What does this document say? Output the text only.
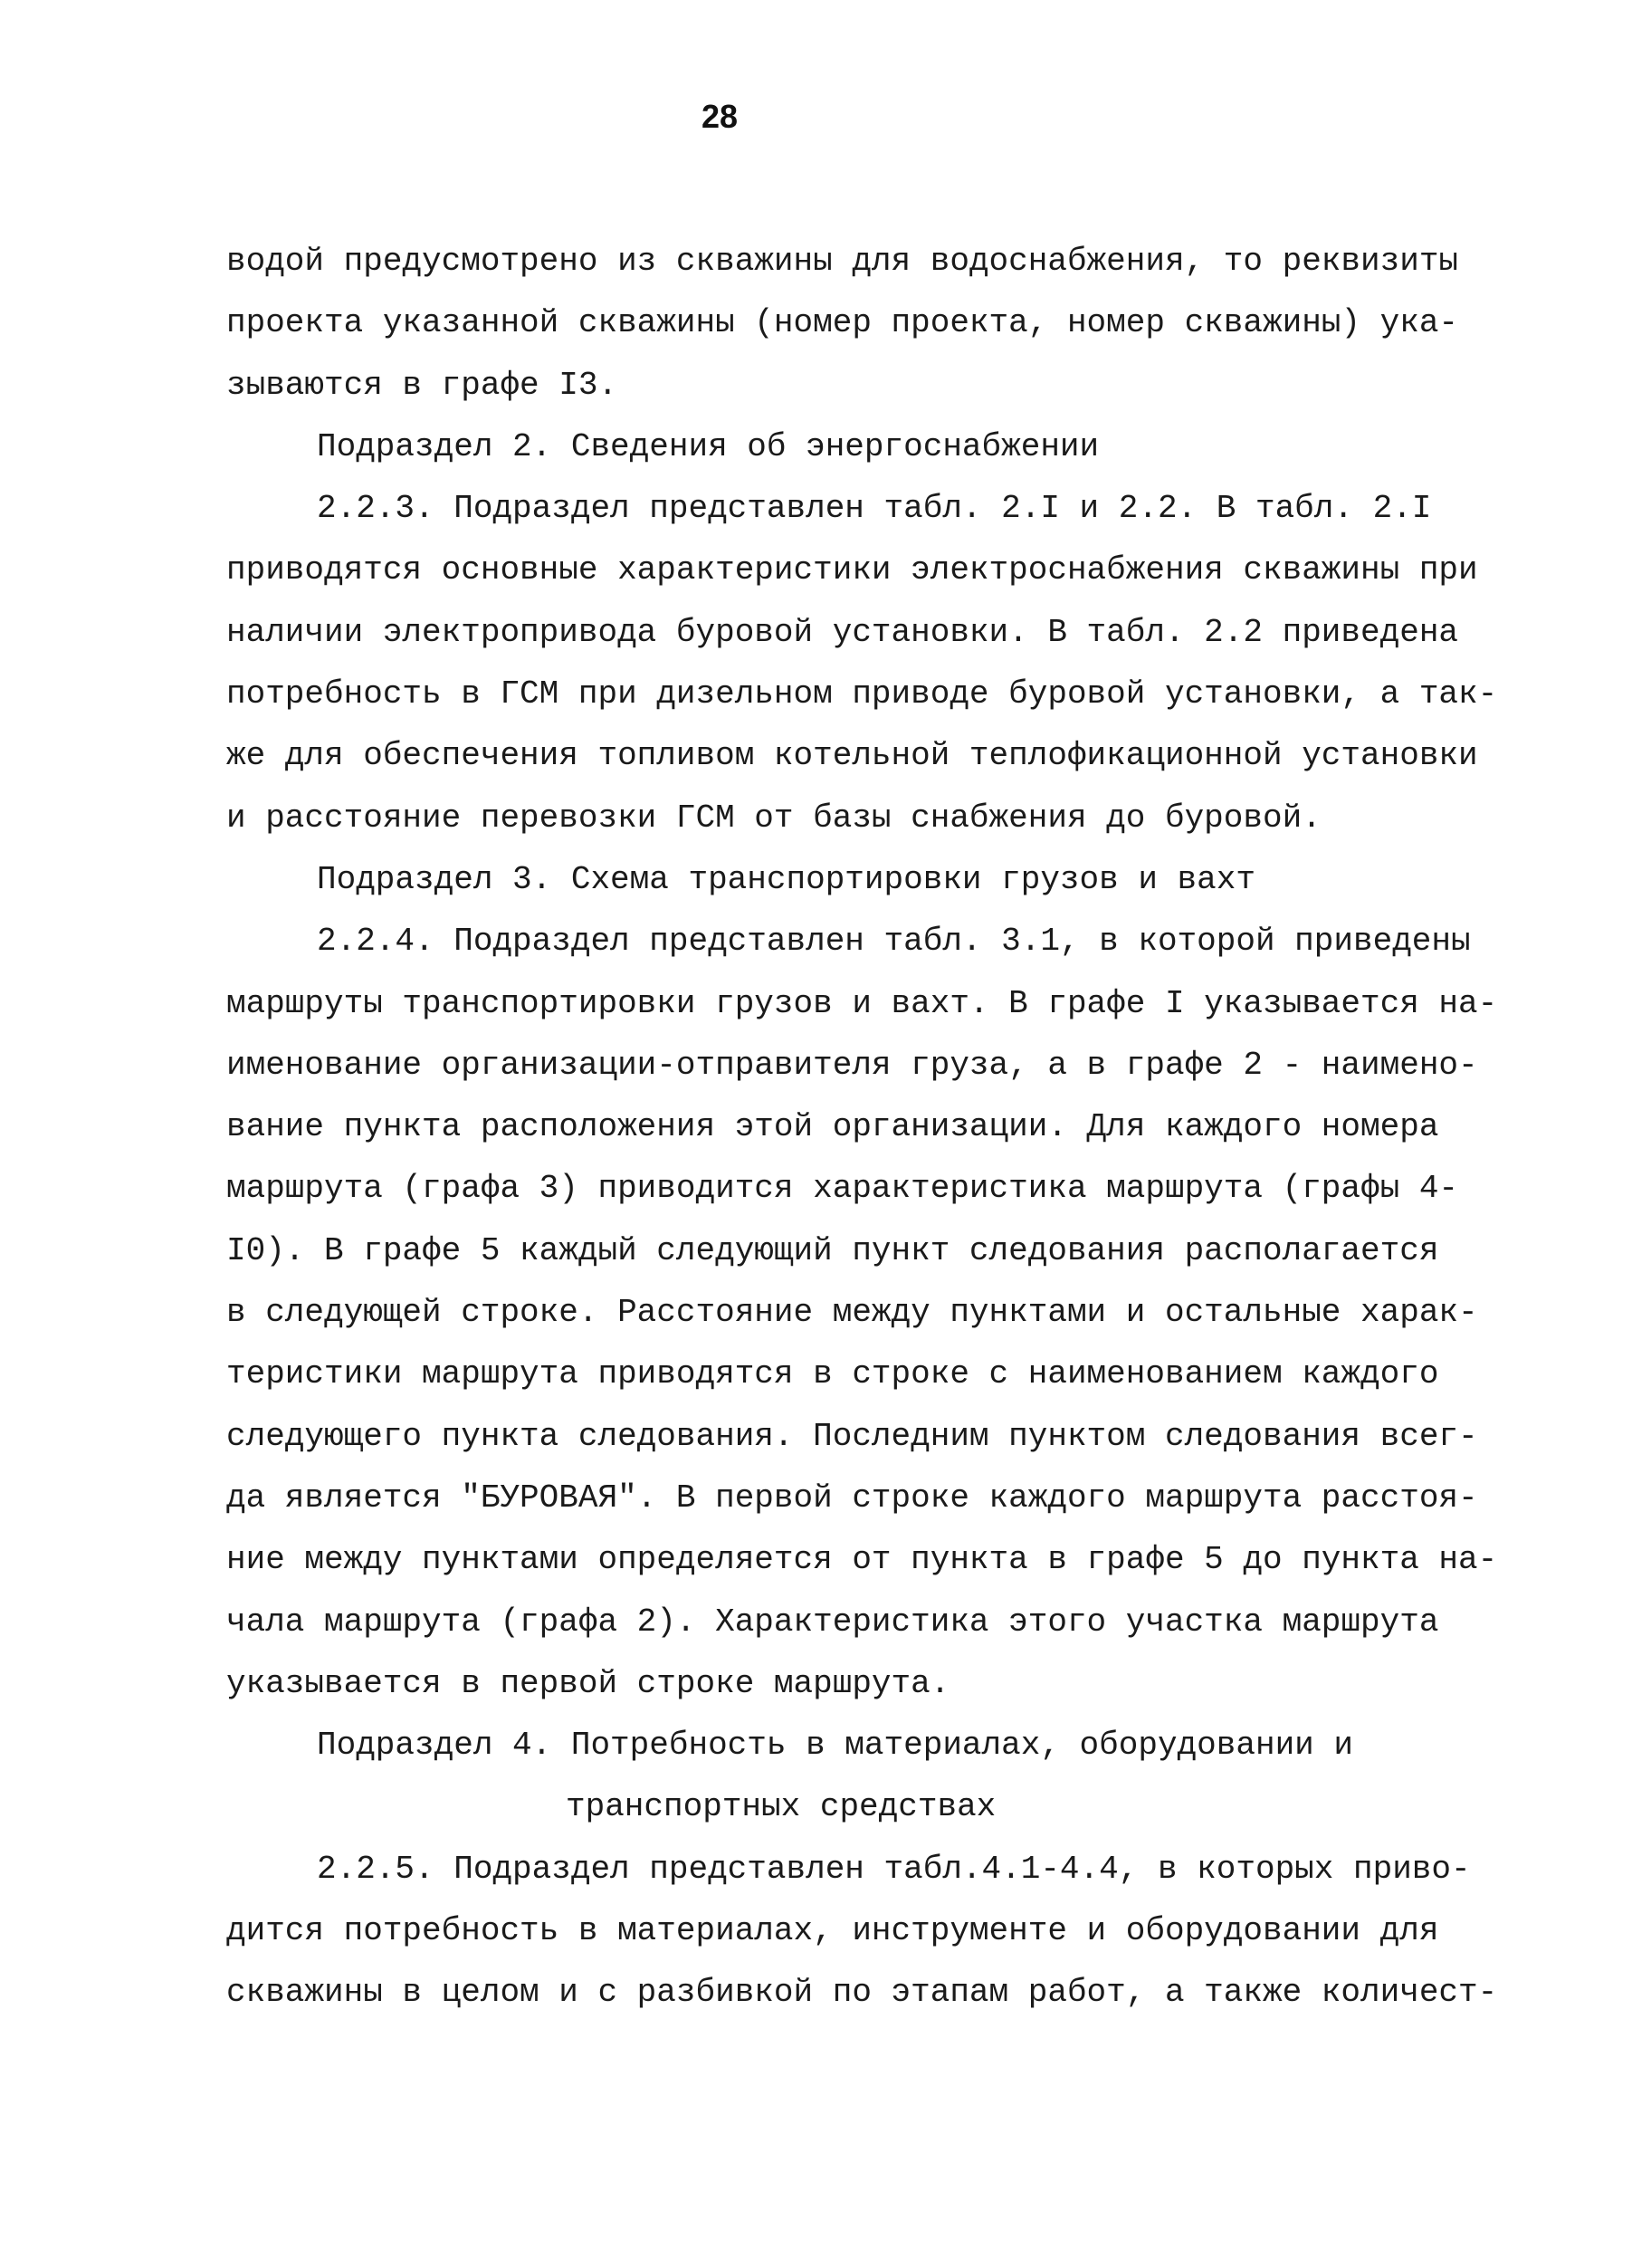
28
водой предусмотрено из скважины для водоснабжения, то реквизиты
проекта указанной скважины (номер проекта, номер скважины) ука-
зываются в графе I3.
Подраздел 2. Сведения об энергоснабжении
2.2.3. Подраздел представлен табл. 2.I и 2.2. В табл. 2.I
приводятся основные характеристики электроснабжения скважины при
наличии электропривода буровой установки. В табл. 2.2 приведена
потребность в ГСМ при дизельном приводе буровой установки, а так-
же для обеспечения топливом котельной теплофикационной установки
и расстояние перевозки ГСМ от базы снабжения до буровой.
Подраздел 3. Схема транспортировки грузов и вахт
2.2.4. Подраздел представлен табл. 3.1, в которой приведены
маршруты транспортировки грузов и вахт. В графе I указывается на-
именование организации-отправителя груза, а в графе 2 - наимено-
вание пункта расположения этой организации. Для каждого номера
маршрута (графа 3) приводится характеристика маршрута (графы 4-
I0). В графе 5 каждый следующий пункт следования располагается
в следующей строке. Расстояние между пунктами и остальные харак-
теристики маршрута приводятся в строке с наименованием каждого
следующего пункта следования. Последним пунктом следования всег-
да является "БУРОВАЯ". В первой строке каждого маршрута расстоя-
ние между пунктами определяется от пункта в графе 5 до пункта на-
чала маршрута (графа 2). Характеристика этого участка маршрута
указывается в первой строке маршрута.
Подраздел 4. Потребность в материалах, оборудовании и
транспортных средствах
2.2.5. Подраздел представлен табл.4.1-4.4, в которых приво-
дится потребность в материалах, инструменте и оборудовании для
скважины в целом и с разбивкой по этапам работ, а также количест-
